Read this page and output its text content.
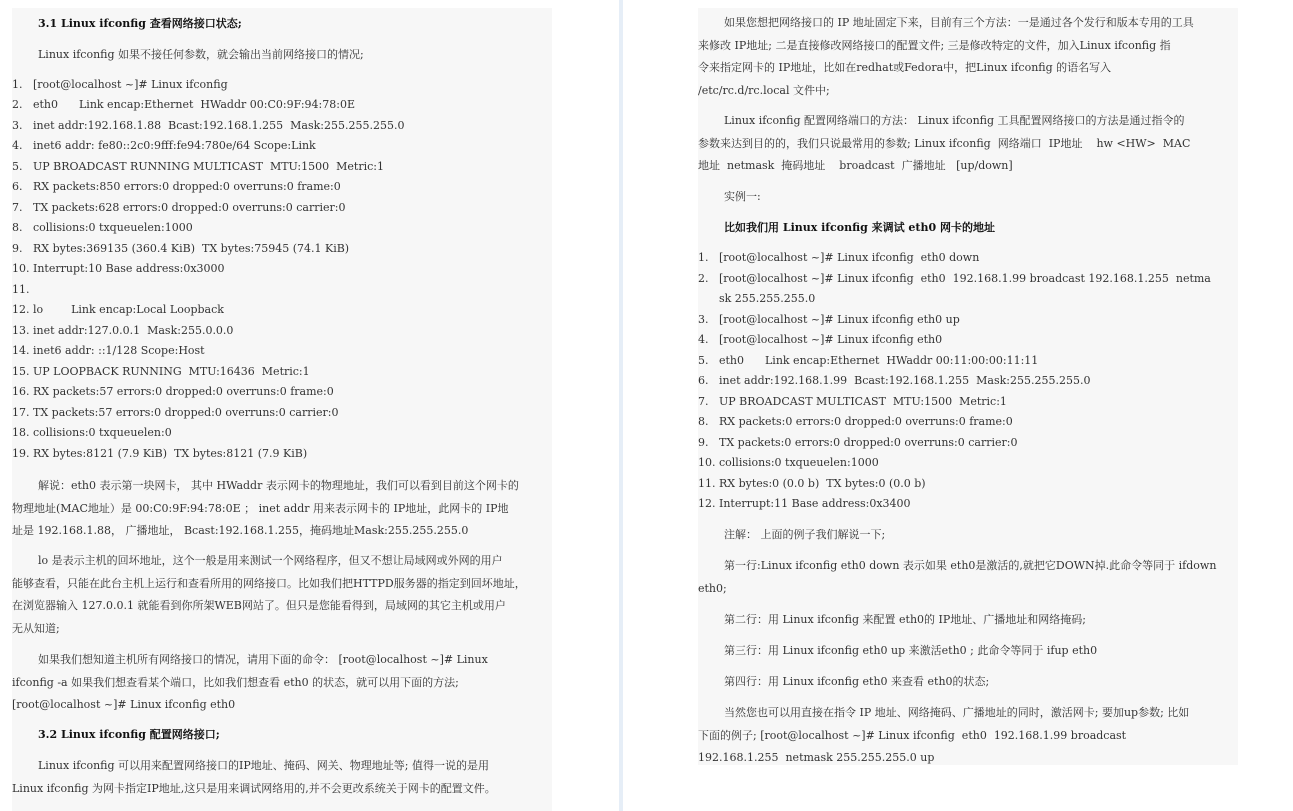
3.1 Linux ifconfig 查看网络接口状态;
Linux ifconfig 如果不接任何参数，就会输出当前网络接口的情况;
1. [root@localhost ~]# Linux ifconfig
2. eth0      Link encap:Ethernet  HWaddr 00:C0:9F:94:78:0E
3. inet addr:192.168.1.88  Bcast:192.168.1.255  Mask:255.255.255.0
4. inet6 addr: fe80::2c0:9fff:fe94:780e/64 Scope:Link
5. UP BROADCAST RUNNING MULTICAST  MTU:1500  Metric:1
6. RX packets:850 errors:0 dropped:0 overruns:0 frame:0
7. TX packets:628 errors:0 dropped:0 overruns:0 carrier:0
8. collisions:0 txqueuelen:1000
9. RX bytes:369135 (360.4 KiB)  TX bytes:75945 (74.1 KiB)
10. Interrupt:10 Base address:0x3000
11.
12. lo        Link encap:Local Loopback
13. inet addr:127.0.0.1  Mask:255.0.0.0
14. inet6 addr: ::1/128 Scope:Host
15. UP LOOPBACK RUNNING  MTU:16436  Metric:1
16. RX packets:57 errors:0 dropped:0 overruns:0 frame:0
17. TX packets:57 errors:0 dropped:0 overruns:0 carrier:0
18. collisions:0 txqueuelen:0
19. RX bytes:8121 (7.9 KiB)  TX bytes:8121 (7.9 KiB)
解说：eth0 表示第一块网卡， 其中 HWaddr 表示网卡的物理地址，我们可以看到目前这个网卡的
物理地址(MAC地址）是 00:C0:9F:94:78:0E ； inet addr 用来表示网卡的 IP地址，此网卡的 IP地
址是 192.168.1.88， 广播地址， Bcast:192.168.1.255，掩码地址Mask:255.255.255.0
lo 是表示主机的回坏地址，这个一般是用来测试一个网络程序，但又不想让局域网或外网的用户
能够查看，只能在此台主机上运行和查看所用的网络接口。比如我们把HTTPD服务器的指定到回坏地址，
在浏览器输入 127.0.0.1 就能看到你所架WEB网站了。但只是您能看得到，局域网的其它主机或用户
无从知道;
如果我们想知道主机所有网络接口的情况，请用下面的命令： [root@localhost ~]# Linux
ifconfig -a 如果我们想查看某个端口，比如我们想查看 eth0 的状态，就可以用下面的方法;
[root@localhost ~]# Linux ifconfig eth0
3.2 Linux ifconfig 配置网络接口;
Linux ifconfig 可以用来配置网络接口的IP地址、掩码、网关、物理地址等; 值得一说的是用
Linux ifconfig 为网卡指定IP地址,这只是用来调试网络用的,并不会更改系统关于网卡的配置文件。
如果您想把网络接口的 IP 地址固定下来，目前有三个方法：一是通过各个发行和版本专用的工具
来修改 IP地址; 二是直接修改网络接口的配置文件; 三是修改特定的文件，加入Linux ifconfig 指
令来指定网卡的 IP地址，比如在redhat或Fedora中，把Linux ifconfig 的语名写入
/etc/rc.d/rc.local 文件中;
Linux ifconfig 配置网络端口的方法： Linux ifconfig 工具配置网络接口的方法是通过指令的
参数来达到目的的，我们只说最常用的参数; Linux ifconfig  网络端口  IP地址    hw <HW>  MAC
地址  netmask  掩码地址    broadcast  广播地址   [up/down]
实例一:
比如我们用 Linux ifconfig 来调试 eth0 网卡的地址
1. [root@localhost ~]# Linux ifconfig  eth0 down
2. [root@localhost ~]# Linux ifconfig  eth0  192.168.1.99 broadcast 192.168.1.255  netma
sk 255.255.255.0
3. [root@localhost ~]# Linux ifconfig eth0 up
4. [root@localhost ~]# Linux ifconfig eth0
5. eth0      Link encap:Ethernet  HWaddr 00:11:00:00:11:11
6. inet addr:192.168.1.99  Bcast:192.168.1.255  Mask:255.255.255.0
7. UP BROADCAST MULTICAST  MTU:1500  Metric:1
8. RX packets:0 errors:0 dropped:0 overruns:0 frame:0
9. TX packets:0 errors:0 dropped:0 overruns:0 carrier:0
10. collisions:0 txqueuelen:1000
11. RX bytes:0 (0.0 b)  TX bytes:0 (0.0 b)
12. Interrupt:11 Base address:0x3400
注解： 上面的例子我们解说一下;
第一行:Linux ifconfig eth0 down 表示如果 eth0是激活的,就把它DOWN掉.此命令等同于 ifdown
eth0;
第二行：用 Linux ifconfig 来配置 eth0的 IP地址、广播地址和网络掩码;
第三行：用 Linux ifconfig eth0 up 来激活eth0 ; 此命令等同于 ifup eth0
第四行：用 Linux ifconfig eth0 来查看 eth0的状态;
当然您也可以用直接在指令 IP 地址、网络掩码、广播地址的同时，激活网卡; 要加up参数; 比如
下面的例子; [root@localhost ~]# Linux ifconfig  eth0  192.168.1.99 broadcast
192.168.1.255  netmask 255.255.255.0 up
